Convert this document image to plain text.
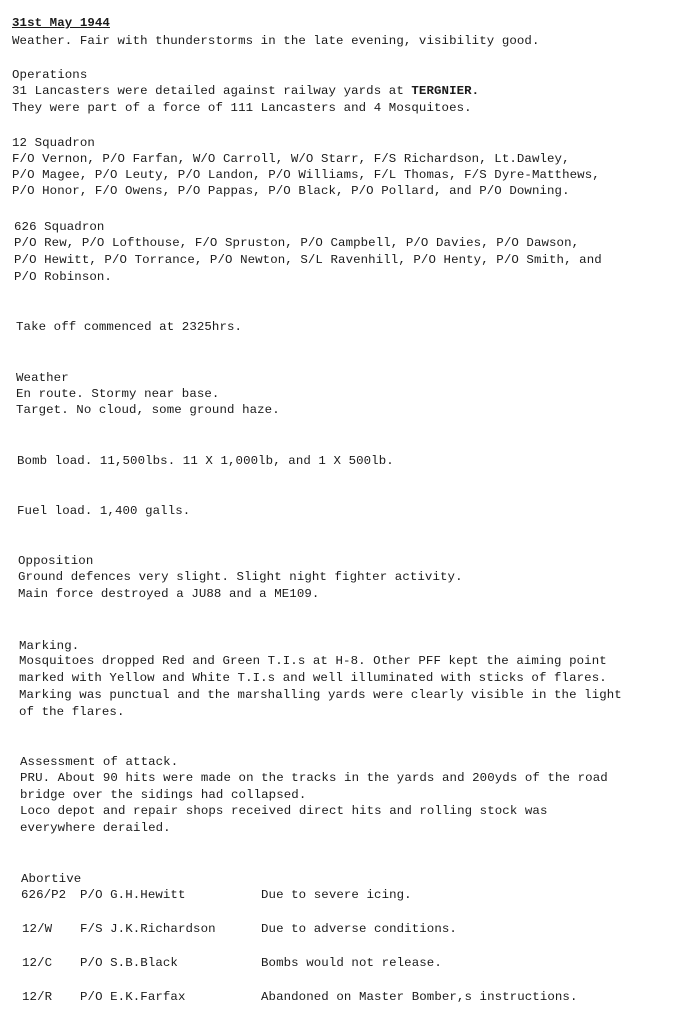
31st May 1944
Weather. Fair with thunderstorms in the late evening, visibility good.
Operations
31 Lancasters were detailed against railway yards at TERGNIER.
They were part of a force of 111 Lancasters and 4 Mosquitoes.
12 Squadron
F/O Vernon, P/O Farfan, W/O Carroll, W/O Starr, F/S Richardson, Lt.Dawley,
P/O Magee, P/O Leuty, P/O Landon, P/O Williams, F/L Thomas, F/S Dyre-Matthews,
P/O Honor, F/O Owens, P/O Pappas, P/O Black, P/O Pollard, and P/O Downing.
626 Squadron
P/O Rew, P/O Lofthouse, F/O Spruston, P/O Campbell, P/O Davies, P/O Dawson,
P/O Hewitt, P/O Torrance, P/O Newton, S/L Ravenhill, P/O Henty, P/O Smith, and
P/O Robinson.
Take off commenced at 2325hrs.
Weather
En route. Stormy near base.
Target. No cloud, some ground haze.
Bomb load. 11,500lbs. 11 X 1,000lb, and 1 X 500lb.
Fuel load. 1,400 galls.
Opposition
Ground defences very slight. Slight night fighter activity.
Main force destroyed a JU88 and a ME109.
Marking.
Mosquitoes dropped Red and Green T.I.s at H-8. Other PFF kept the aiming point
marked with Yellow and White T.I.s and well illuminated with sticks of flares.
Marking was punctual and the marshalling yards were clearly visible in the light
of the flares.
Assessment of attack.
PRU. About 90 hits were made on the tracks in the yards and 200yds of the road
bridge over the sidings had collapsed.
Loco depot and repair shops received direct hits and rolling stock was
everywhere derailed.
Abortive
626/P2 P/O G.H.Hewitt	Due to severe icing.
12/W F/S J.K.Richardson	Due to adverse conditions.
12/C P/O S.B.Black	Bombs would not release.
12/R P/O E.K.Farfax	Abandoned on Master Bomber,s instructions.
